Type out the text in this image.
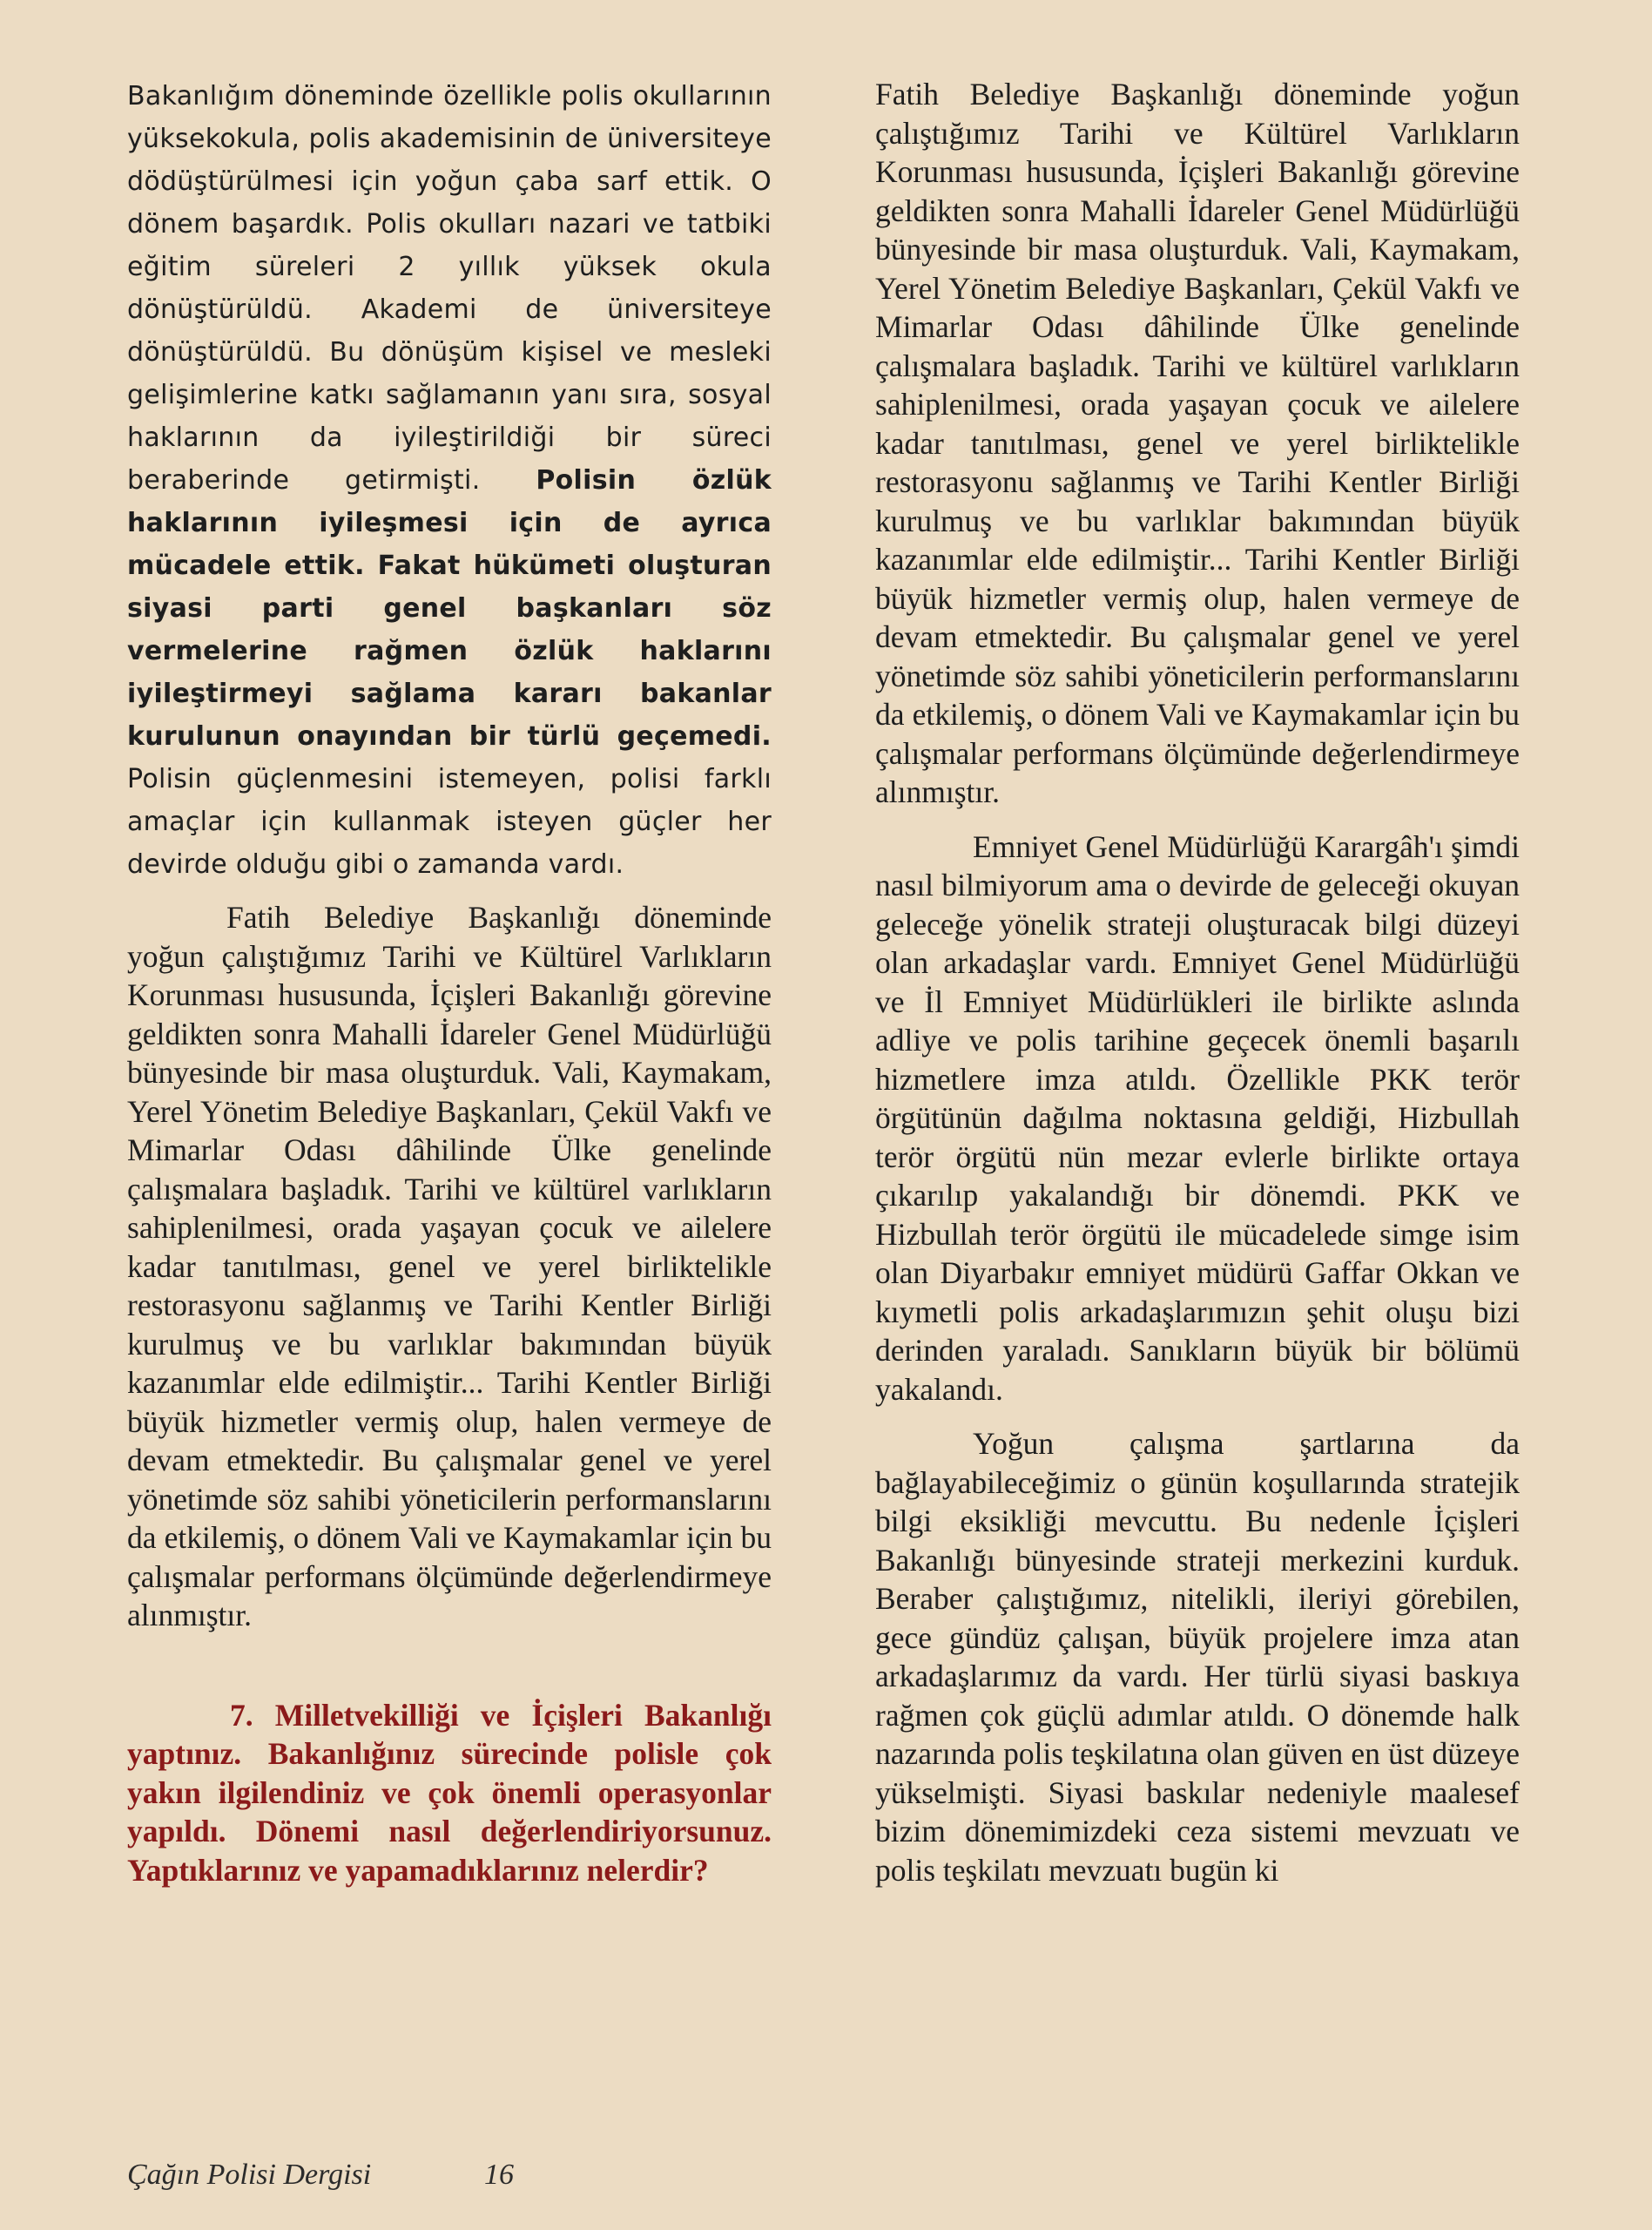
Bakanlığım döneminde özellikle polis okullarının yüksekokula, polis akademisinin de üniversiteye dödüştürülmesi için yoğun çaba sarf ettik. O dönem başardık. Polis okulları nazari ve tatbiki eğitim süreleri 2 yıllık yüksek okula dönüştürüldü. Akademi de üniversiteye dönüştürüldü. Bu dönüşüm kişisel ve mesleki gelişimlerine katkı sağlamanın yanı sıra, sosyal haklarının da iyileştirildiği bir süreci beraberinde getirmişti. Polisin özlük haklarının iyileşmesi için de ayrıca mücadele ettik. Fakat hükümeti oluşturan siyasi parti genel başkanları söz vermelerine rağmen özlük haklarını iyileştirmeyi sağlama kararı bakanlar kurulunun onayından bir türlü geçemedi. Polisin güçlenmesini istemeyen, polisi farklı amaçlar için kullanmak isteyen güçler her devirde olduğu gibi o zamanda vardı.

Fatih Belediye Başkanlığı döneminde yoğun çalıştığımız Tarihi ve Kültürel Varlıkların Korunması hususunda, İçişleri Bakanlığı görevine geldikten sonra Mahalli İdareler Genel Müdürlüğü bünyesinde bir masa oluşturduk. Vali, Kaymakam, Yerel Yönetim Belediye Başkanları, Çekül Vakfı ve Mimarlar Odası dâhilinde Ülke genelinde çalışmalara başladık. Tarihi ve kültürel varlıkların sahiplenilmesi, orada yaşayan çocuk ve ailelere kadar tanıtılması, genel ve yerel birliktelikle restorasyonu sağlanmış ve Tarihi Kentler Birliği kurulmuş ve bu varlıklar bakımından büyük kazanımlar elde edilmiştir... Tarihi Kentler Birliği büyük hizmetler vermiş olup, halen vermeye de devam etmektedir. Bu çalışmalar genel ve yerel yönetimde söz sahibi yöneticilerin performanslarını da etkilemiş, o dönem Vali ve Kaymakamlar için bu çalışmalar performans ölçümünde değerlendirmeye alınmıştır.

7. Milletvekilliği ve İçişleri Bakanlığı yaptınız. Bakanlığınız sürecinde polisle çok yakın ilgilendiniz ve çok önemli operasyonlar yapıldı. Dönemi nasıl değerlendiriyorsunuz. Yaptıklarınız ve yapamadıklarınız nelerdir?

Fatih Belediye Başkanlığı döneminde yoğun çalıştığımız Tarihi ve Kültürel Varlıkların Korunması hususunda, İçişleri Bakanlığı görevine geldikten sonra Mahalli İdareler Genel Müdürlüğü bünyesinde bir masa oluşturduk. Vali, Kaymakam, Yerel Yönetim Belediye Başkanları, Çekül Vakfı ve Mimarlar Odası dâhilinde Ülke genelinde çalışmalara başladık. Tarihi ve kültürel varlıkların sahiplenilmesi, orada yaşayan çocuk ve ailelere kadar tanıtılması, genel ve yerel birliktelikle restorasyonu sağlanmış ve Tarihi Kentler Birliği kurulmuş ve bu varlıklar bakımından büyük kazanımlar elde edilmiştir... Tarihi Kentler Birliği büyük hizmetler vermiş olup, halen vermeye de devam etmektedir. Bu çalışmalar genel ve yerel yönetimde söz sahibi yöneticilerin performanslarını da etkilemiş, o dönem Vali ve Kaymakamlar için bu çalışmalar performans ölçümünde değerlendirmeye alınmıştır.

Emniyet Genel Müdürlüğü Karargâh'ı şimdi nasıl bilmiyorum ama o devirde de geleceği okuyan geleceğe yönelik strateji oluşturacak bilgi düzeyi olan arkadaşlar vardı. Emniyet Genel Müdürlüğü ve İl Emniyet Müdürlükleri ile birlikte aslında adliye ve polis tarihine geçecek önemli başarılı hizmetlere imza atıldı. Özellikle PKK terör örgütünün dağılma noktasına geldiği, Hizbullah terör örgütü nün mezar evlerle birlikte ortaya çıkarılıp yakalandığı bir dönemdi. PKK ve Hizbullah terör örgütü ile mücadelede simge isim olan Diyarbakır emniyet müdürü Gaffar Okkan ve kıymetli polis arkadaşlarımızın şehit oluşu bizi derinden yaraladı. Sanıkların büyük bir bölümü yakalandı.

Yoğun çalışma şartlarına da bağlayabileceğimiz o günün koşullarında stratejik bilgi eksikliği mevcuttu. Bu nedenle İçişleri Bakanlığı bünyesinde strateji merkezini kurduk. Beraber çalıştığımız, nitelikli, ileriyi görebilen, gece gündüz çalışan, büyük projelere imza atan arkadaşlarımız da vardı. Her türlü siyasi baskıya rağmen çok güçlü adımlar atıldı. O dönemde halk nazarında polis teşkilatına olan güven en üst düzeye yükselmişti. Siyasi baskılar nedeniyle maalesef bizim dönemimizdeki ceza sistemi mevzuatı ve polis teşkilatı mevzuatı bugün ki

Çağın Polisi Dergisi	16
